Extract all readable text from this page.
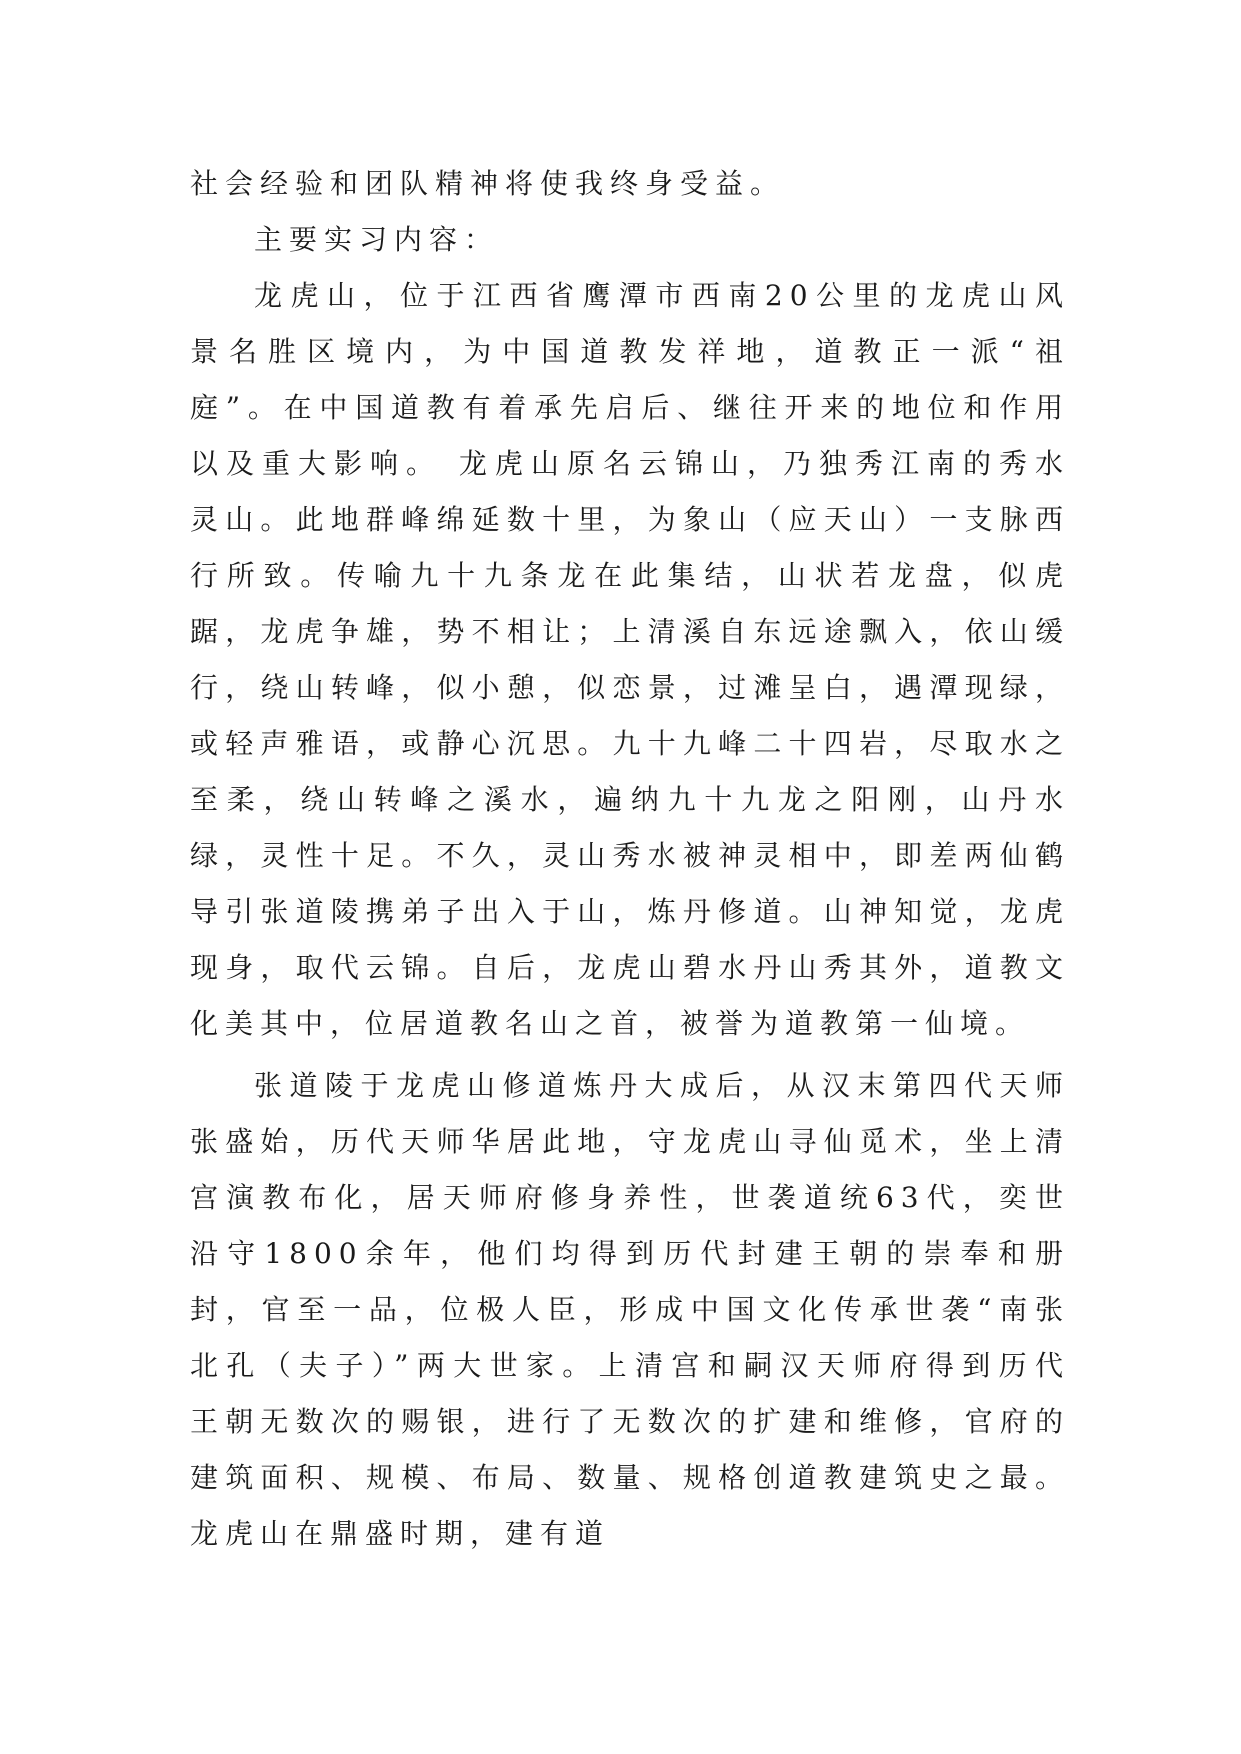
社会经验和团队精神将使我终身受益。

主要实习内容：

龙虎山，位于江西省鹰潭市西南20公里的龙虎山风景名胜区境内，为中国道教发祥地，道教正一派“祖庭”。在中国道教有着承先启后、继往开来的地位和作用以及重大影响。 龙虎山原名云锦山，乃独秀江南的秀水灵山。此地群峰绵延数十里，为象山（应天山）一支脉西行所致。传喻九十九条龙在此集结，山状若龙盘，似虎踞，龙虎争雄，势不相让；上清溪自东远途飘入，依山缓行，绕山转峰，似小憩，似恋景，过滩呈白，遇潭现绿，或轻声雅语，或静心沉思。九十九峰二十四岩，尽取水之至柔，绕山转峰之溪水，遍纳九十九龙之阳刚，山丹水绿，灵性十足。不久，灵山秀水被神灵相中，即差两仙鹤导引张道陵携弟子出入于山，炼丹修道。山神知觉，龙虎现身，取代云锦。自后，龙虎山碧水丹山秀其外，道教文化美其中，位居道教名山之首，被誉为道教第一仙境。

张道陵于龙虎山修道炼丹大成后，从汉末第四代天师张盛始，历代天师华居此地，守龙虎山寻仙觅术，坐上清宫演教布化，居天师府修身养性，世袭道统63代，奕世沿守1800余年，他们均得到历代封建王朝的崇奉和册封，官至一品，位极人臣，形成中国文化传承世袭“南张北孔（夫子）”两大世家。上清宫和嗣汉天师府得到历代王朝无数次的赐银，进行了无数次的扩建和维修，官府的建筑面积、规模、布局、数量、规格创道教建筑史之最。龙虎山在鼎盛时期，建有道
